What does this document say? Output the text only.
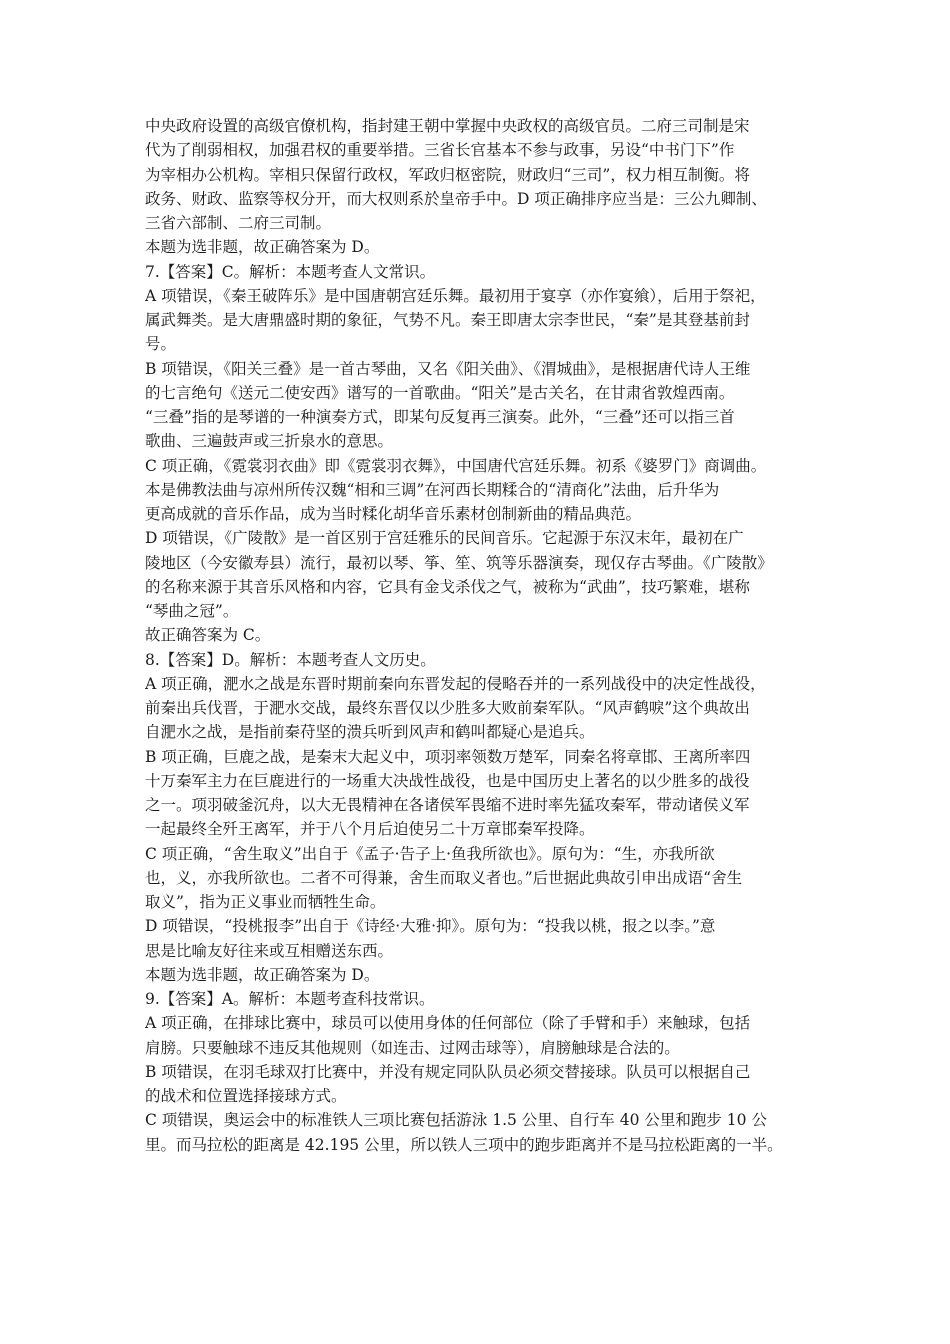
中央政府设置的高级官僚机构，指封建王朝中掌握中央政权的高级官员。二府三司制是宋
代为了削弱相权，加强君权的重要举措。三省长官基本不参与政事，另设“中书门下”作
为宰相办公机构。宰相只保留行政权，军政归枢密院，财政归“三司”，权力相互制衡。将
政务、财政、监察等权分开，而大权则系於皇帝手中。D 项正确排序应当是：三公九卿制、
三省六部制、二府三司制。
本题为选非题，故正确答案为 D。
7.【答案】C。解析：本题考查人文常识。
A 项错误，《秦王破阵乐》是中国唐朝宫廷乐舞。最初用于宴享（亦作宴飨），后用于祭祀，
属武舞类。是大唐鼎盛时期的象征，气势不凡。秦王即唐太宗李世民，“秦”是其登基前封
号。
B 项错误，《阳关三叠》是一首古琴曲，又名《阳关曲》、《渭城曲》，是根据唐代诗人王维
的七言绝句《送元二使安西》谱写的一首歌曲。“阳关”是古关名，在甘肃省敦煌西南。
“三叠”指的是琴谱的一种演奏方式，即某句反复再三演奏。此外，“三叠”还可以指三首
歌曲、三遍鼓声或三折泉水的意思。
C 项正确，《霓裳羽衣曲》即《霓裳羽衣舞》，中国唐代宫廷乐舞。初系《婆罗门》商调曲。
本是佛教法曲与凉州所传汉魏“相和三调”在河西长期糅合的“清商化”法曲，后升华为
更高成就的音乐作品，成为当时糅化胡华音乐素材创制新曲的精品典范。
D 项错误，《广陵散》是一首区别于宫廷雅乐的民间音乐。它起源于东汉末年，最初在广
陵地区（今安徽寿县）流行，最初以琴、筝、笙、筑等乐器演奏，现仅存古琴曲。《广陵散》
的名称来源于其音乐风格和内容，它具有金戈杀伐之气，被称为“武曲”，技巧繁难，堪称
“琴曲之冠”。
故正确答案为 C。
8.【答案】D。解析：本题考查人文历史。
A 项正确，淝水之战是东晋时期前秦向东晋发起的侵略吞并的一系列战役中的决定性战役，
前秦出兵伐晋，于淝水交战，最终东晋仅以少胜多大败前秦军队。“风声鹤唳”这个典故出
自淝水之战，是指前秦苻坚的溃兵听到风声和鹤叫都疑心是追兵。
B 项正确，巨鹿之战，是秦末大起义中，项羽率领数万楚军，同秦名将章邯、王离所率四
十万秦军主力在巨鹿进行的一场重大决战性战役，也是中国历史上著名的以少胜多的战役
之一。项羽破釜沉舟，以大无畏精神在各诸侯军畏缩不进时率先猛攻秦军，带动诸侯义军
一起最终全歼王离军，并于八个月后迫使另二十万章邯秦军投降。
C 项正确，“舍生取义”出自于《孟子·告子上·鱼我所欲也》。原句为：“生，亦我所欲
也，义，亦我所欲也。二者不可得兼，舍生而取义者也。”后世据此典故引申出成语“舍生
取义”，指为正义事业而牺牲生命。
D 项错误，“投桃报李”出自于《诗经·大雅·抑》。原句为：“投我以桃，报之以李。”意
思是比喻友好往来或互相赠送东西。
本题为选非题，故正确答案为 D。
9.【答案】A。解析：本题考查科技常识。
A 项正确，在排球比赛中，球员可以使用身体的任何部位（除了手臂和手）来触球，包括
肩膀。只要触球不违反其他规则（如连击、过网击球等），肩膀触球是合法的。
B 项错误，在羽毛球双打比赛中，并没有规定同队队员必须交替接球。队员可以根据自己
的战术和位置选择接球方式。
C 项错误，奥运会中的标准铁人三项比赛包括游泳 1.5 公里、自行车 40 公里和跑步 10 公
里。而马拉松的距离是 42.195 公里，所以铁人三项中的跑步距离并不是马拉松距离的一半。
